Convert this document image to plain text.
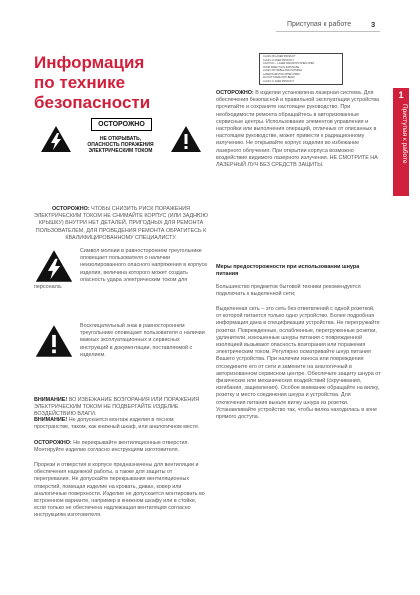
Приступая к работе	3
1
Приступая к работе
Информация
по технике
безопасности
ОСТОРОЖНО
НЕ ОТКРЫВАТЬ,
ОПАСНОСТЬ ПОРАЖЕНИЯ
ЭЛЕКТРИЧЕСКИМ ТОКОМ

ОСТОРОЖНО: ЧТОБЫ СНИЗИТЬ РИСК ПОРАЖЕНИЯ ЭЛЕКТРИЧЕСКИМ ТОКОМ НЕ СНИМАЙТЕ КОРПУС (ИЛИ ЗАДНЮЮ КРЫШКУ) ВНУТРИ НЕТ ДЕТАЛЕЙ, ПРИГОДНЫХ ДЛЯ РЕМОНТА ПОЛЬЗОВАТЕЛЕМ, ДЛЯ ПРОВЕДЕНИЯ РЕМОНТА ОБРАТИТЕСЬ К КВАЛИФИЦИРОВАННОМУ СПЕЦИАЛИСТУ.

Символ молнии в равностороннем треугольнике оповещает пользователя о наличии неизолированного опасного напряжения в корпусе изделия, величина которого может создать опасность удара электрическим током для персонала.
Восклицательный знак в равностороннем треугольнике оповещает пользователя о наличии важных эксплуатационных и сервисных инструкций в документации, поставляемой с изделием.

ВНИМАНИЕ! ВО ИЗБЕЖАНИЕ ВОЗГОРАНИЯ ИЛИ ПОРАЖЕНИЯ ЭЛЕКТРИЧЕСКИМ ТОКОМ НЕ ПОДВЕРГАЙТЕ ИЗДЕЛИЕ ВОЗДЕЙСТВИЮ ВЛАГИ.

ВНИМАНИЕ! Не допускается монтаж изделия в тесном пространстве, таком, как книжный шкаф, или аналогичном месте.

ОСТОРОЖНО: Не перекрывайте вентиляционные отверстия. Монтируйте изделие согласно инструкциям изготовителя.

Прорези и отверстия в корпусе предназначены для вентиляции и обеспечения надежной работы, а также для защиты от перегревания. Не допускайте перекрывания вентиляционных отверстий, помещая изделие на кровать, диван, ковер или аналогичные поверхности. Изделие не допускается монтировать во встроенном варианте, например в книжном шкафу или в стойке, если только не обеспечена надлежащая вентиляция согласно инструкциям изготовителя.

CLASS 3R LASER PRODUCT
CLASS 1 LASER PRODUCT
CAUTION — LASER RADIATION WHEN OPEN
AVOID DIRECT EYE EXPOSURE
CLASS 3R VISIBLE AND INVISIBLE
LASER RADIATION WHEN OPEN
DO NOT STARE INTO BEAM
CLASS 1 LASER PRODUCT

ОСТОРОЖНО: В изделии установлена лазерная система. Для обеспечения безопасной и правильной эксплуатации устройства прочитайте и сохраните настоящее руководство. При необходимости ремонта обращайтесь в авторизованные сервисные центры. Использование элементов управления и настройки или выполнения операций, отличных от описанных в настоящем руководстве, может привести к радиационному излучению. Не открывайте корпус изделия во избежание лазерного облучения. При открытии корпуса возможно воздействие видимого лазерного излучения. НЕ СМОТРИТЕ НА ЛАЗЕРНЫЙ ЛУЧ БЕЗ СРЕДСТВ ЗАЩИТЫ.

Меры предосторожности при использовании шнура питания

Большинство предметов бытовой техники рекомендуется подключать к выделенной сети;

Выделенная сеть – это сеть без ответвлений с одной розеткой, от которой питается только одно устройство. Более подробная информация дана в спецификации устройства. Не перегружайте розетки. Поврежденные, ослабленные, перегруженные розетки, удлинители, изношенные шнуры питания с поврежденной изоляцией вызывают опасность возгорания или поражения электрическим током. Регулярно осматривайте шнур питания Вашего устройства. При наличии износа или повреждения отсоедините его от сети и замените на аналогичный в авторизованном сервисном центре. Обеспечьте защиту шнура от физических или механических воздействий (скручивания, изгибания, защемления). Особое внимание обращайте на вилку, розетку и место соединения шнура и устройства. Для отключения питания выньте вилку шнура из розетки. Устанавливайте устройство так, чтобы вилка находилась в зоне прямого доступа.
